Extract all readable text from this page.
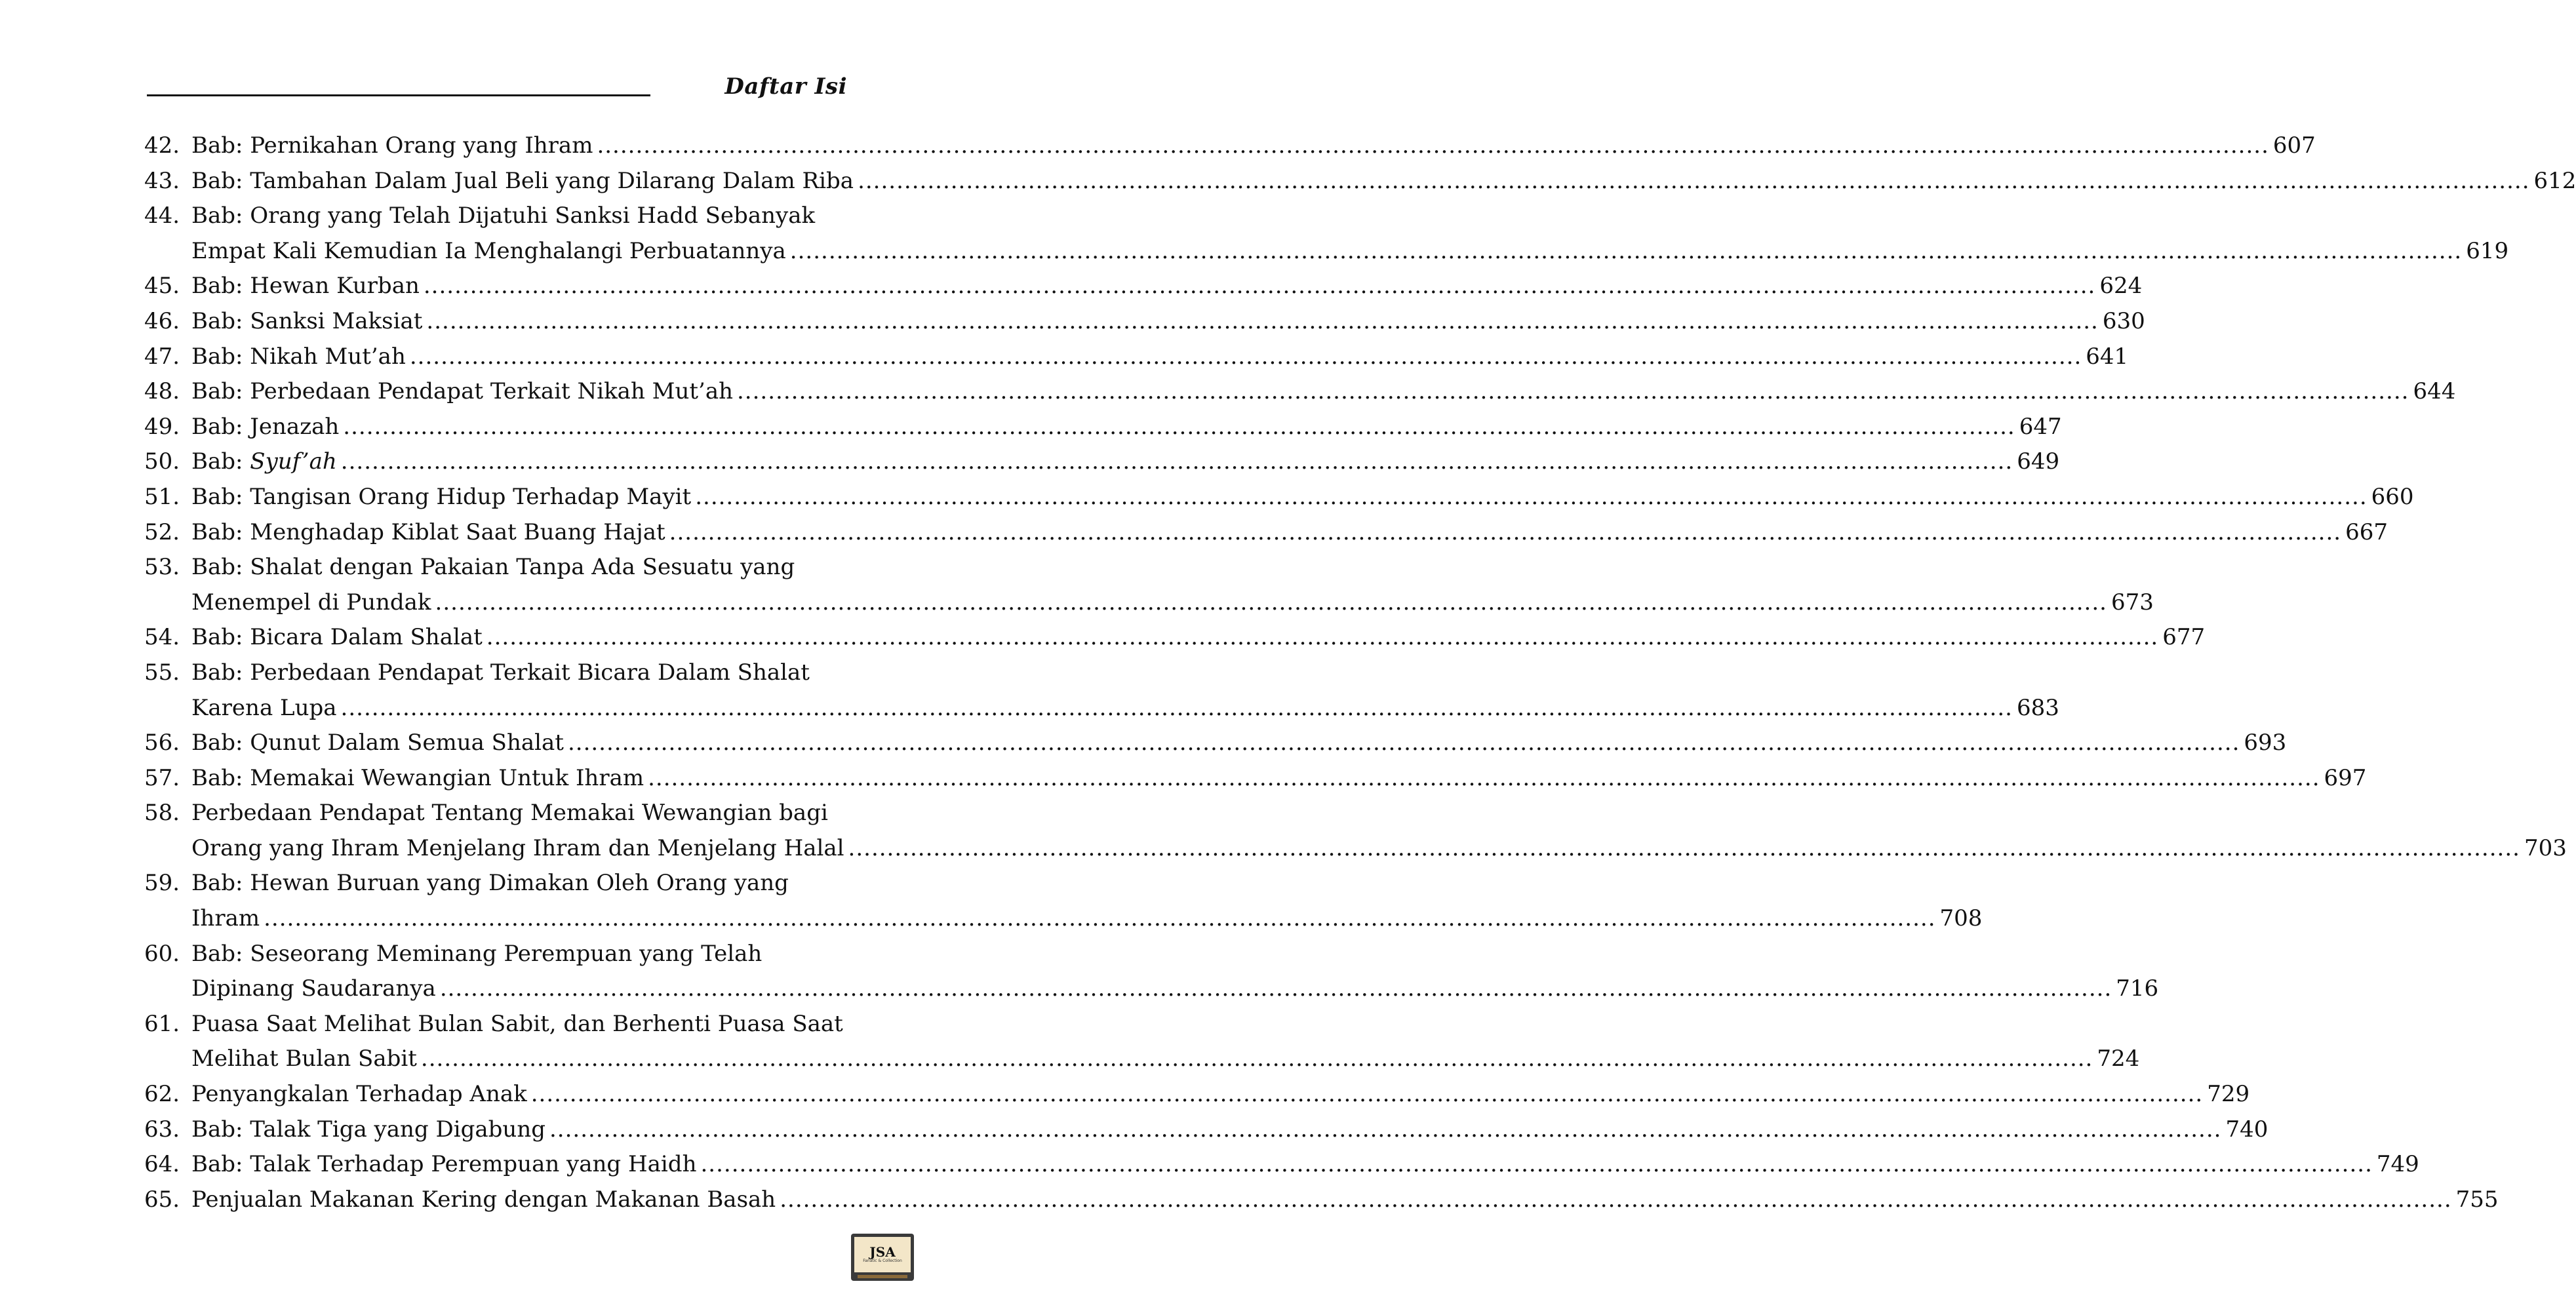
Daftar Isi
42. Bab: Pernikahan Orang yang Ihram .....	607
43. Bab: Tambahan Dalam Jual Beli yang Dilarang Dalam Riba .....	612
44. Bab: Orang yang Telah Dijatuhi Sanksi Hadd Sebanyak
Empat Kali Kemudian Ia Menghalangi Perbuatannya .....	619
45. Bab: Hewan Kurban .....	624
46. Bab: Sanksi Maksiat .....	630
47. Bab: Nikah Mut’ah .....	641
48. Bab: Perbedaan Pendapat Terkait Nikah Mut’ah .....	644
49. Bab: Jenazah .....	647
50. Bab: Syuf’ah .....	649
51. Bab: Tangisan Orang Hidup Terhadap Mayit .....	660
52. Bab: Menghadap Kiblat Saat Buang Hajat .....	667
53. Bab: Shalat dengan Pakaian Tanpa Ada Sesuatu yang
Menempel di Pundak .....	673
54. Bab: Bicara Dalam Shalat .....	677
55. Bab: Perbedaan Pendapat Terkait Bicara Dalam Shalat
Karena Lupa .....	683
56. Bab: Qunut Dalam Semua Shalat .....	693
57. Bab: Memakai Wewangian Untuk Ihram .....	697
58. Perbedaan Pendapat Tentang Memakai Wewangian bagi
Orang yang Ihram Menjelang Ihram dan Menjelang Halal .....	703
59. Bab: Hewan Buruan yang Dimakan Oleh Orang yang
Ihram .....	708
60. Bab: Seseorang Meminang Perempuan yang Telah
Dipinang Saudaranya .....	716
61. Puasa Saat Melihat Bulan Sabit, dan Berhenti Puasa Saat
Melihat Bulan Sabit .....	724
62. Penyangkalan Terhadap Anak .....	729
63. Bab: Talak Tiga yang Digabung .....	740
64. Bab: Talak Terhadap Perempuan yang Haidh .....	749
65. Penjualan Makanan Kering dengan Makanan Basah .....	755
JSA
Fanatic & Collection
